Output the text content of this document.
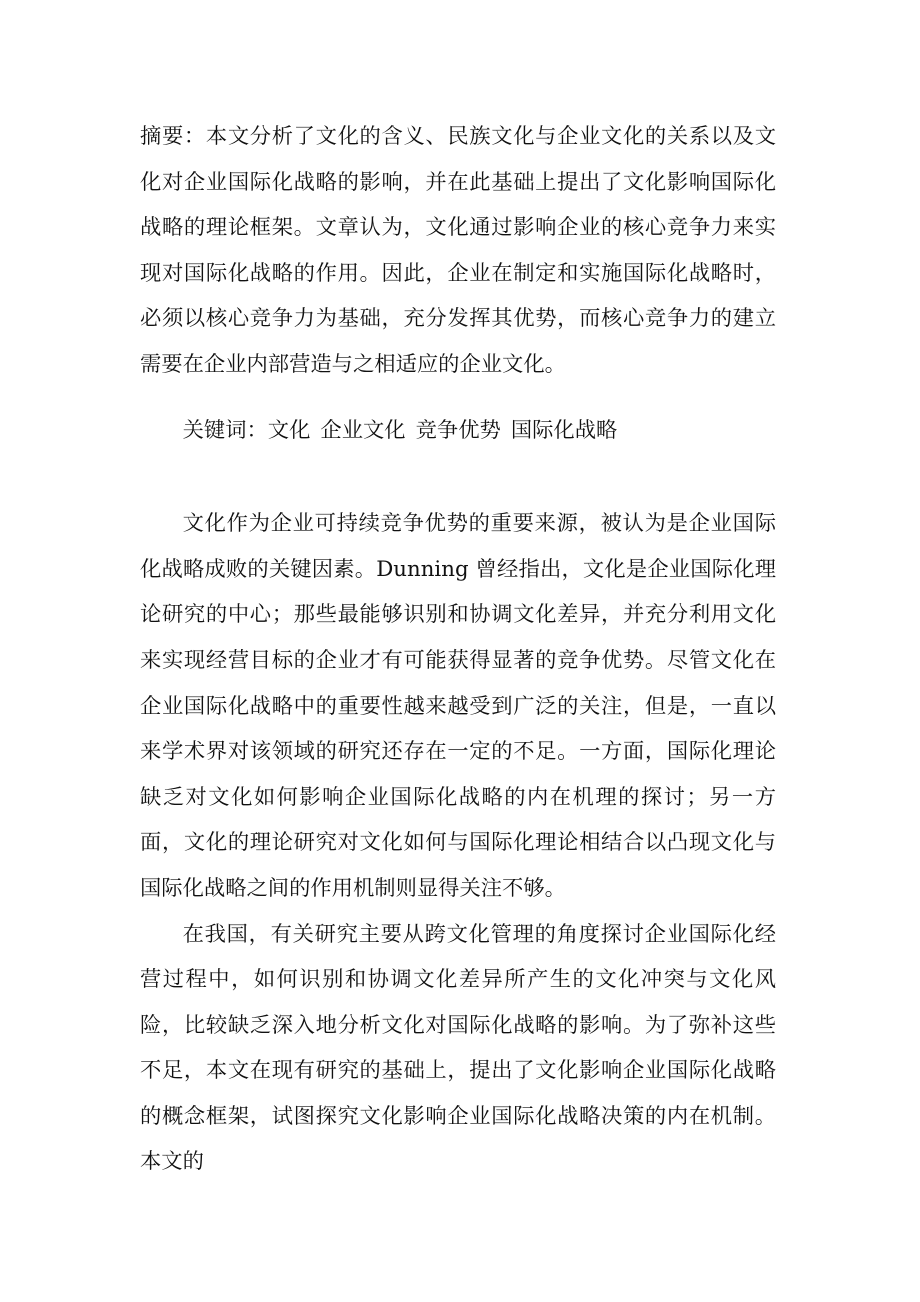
摘要：本文分析了文化的含义、民族文化与企业文化的关系以及文化对企业国际化战略的影响，并在此基础上提出了文化影响国际化战略的理论框架。文章认为，文化通过影响企业的核心竞争力来实现对国际化战略的作用。因此，企业在制定和实施国际化战略时，必须以核心竞争力为基础，充分发挥其优势，而核心竞争力的建立需要在企业内部营造与之相适应的企业文化。

关键词：文化 企业文化 竞争优势 国际化战略

文化作为企业可持续竞争优势的重要来源，被认为是企业国际化战略成败的关键因素。Dunning 曾经指出，文化是企业国际化理论研究的中心；那些最能够识别和协调文化差异，并充分利用文化来实现经营目标的企业才有可能获得显著的竞争优势。尽管文化在企业国际化战略中的重要性越来越受到广泛的关注，但是，一直以来学术界对该领域的研究还存在一定的不足。一方面，国际化理论缺乏对文化如何影响企业国际化战略的内在机理的探讨；另一方面，文化的理论研究对文化如何与国际化理论相结合以凸现文化与国际化战略之间的作用机制则显得关注不够。

在我国，有关研究主要从跨文化管理的角度探讨企业国际化经营过程中，如何识别和协调文化差异所产生的文化冲突与文化风险，比较缺乏深入地分析文化对国际化战略的影响。为了弥补这些不足，本文在现有研究的基础上，提出了文化影响企业国际化战略的概念框架，试图探究文化影响企业国际化战略决策的内在机制。本文的
